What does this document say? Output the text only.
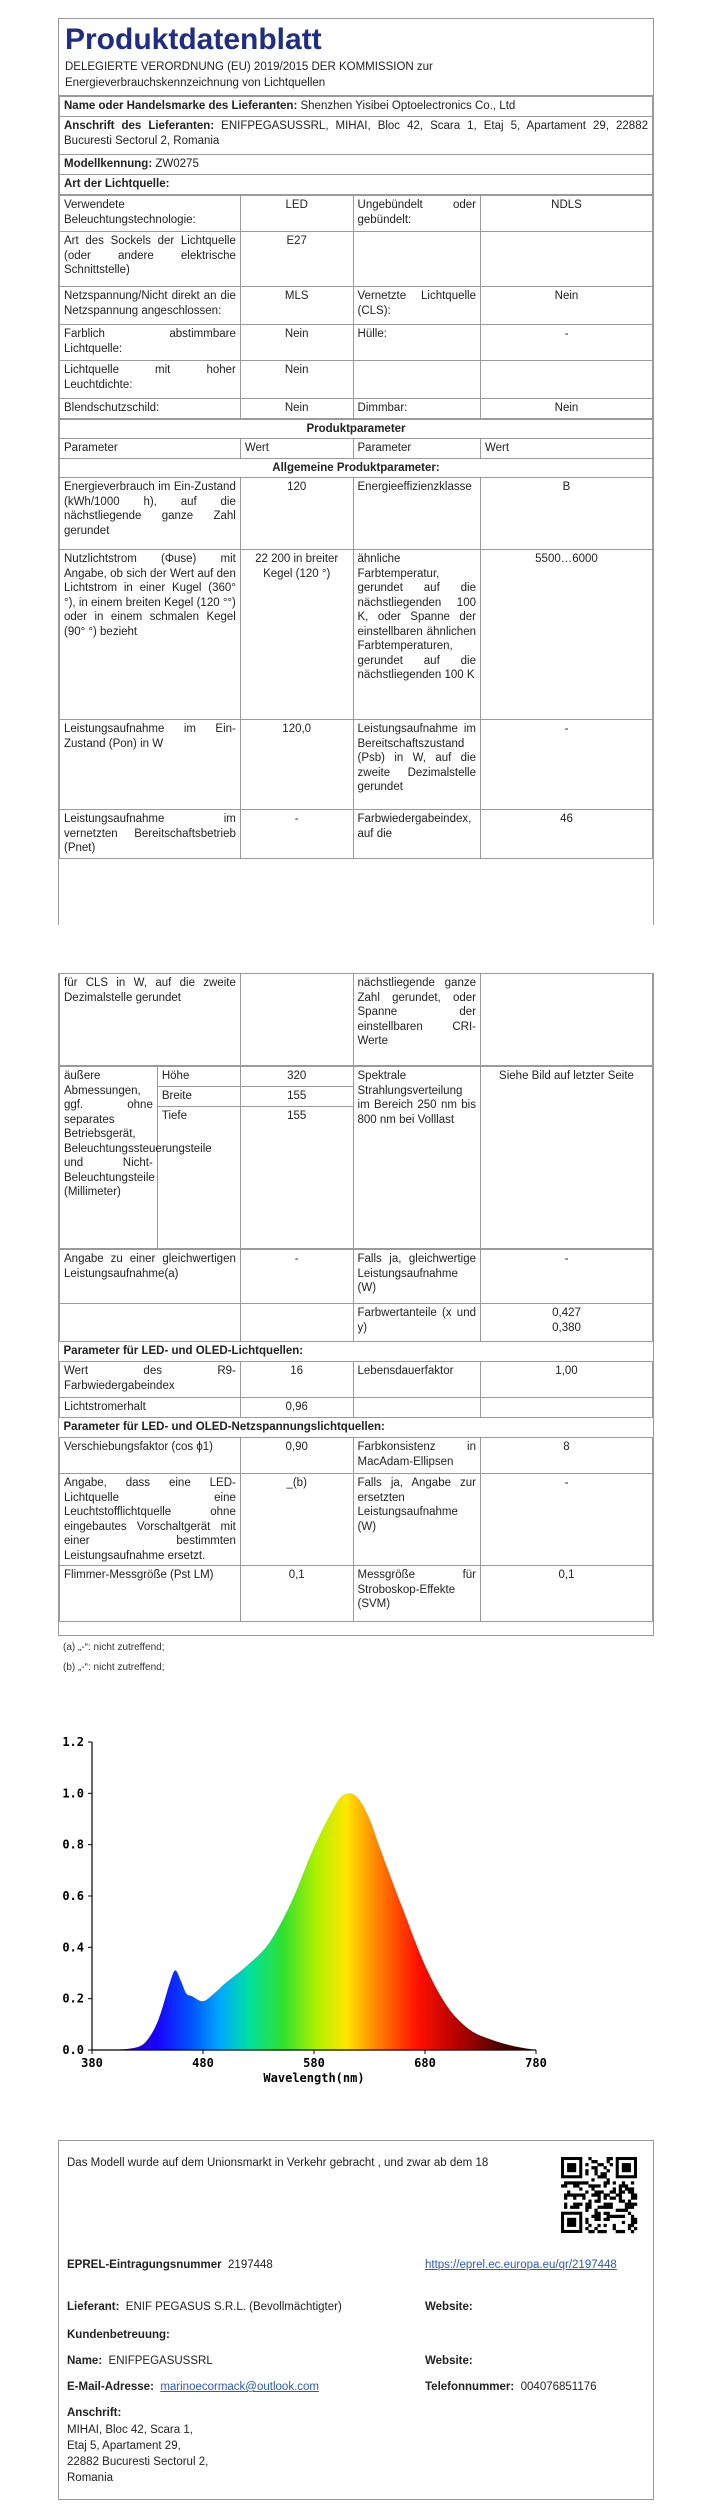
Produktdatenblatt
DELEGIERTE VERORDNUNG (EU) 2019/2015 DER KOMMISSION zur
Energieverbrauchskennzeichnung von Lichtquellen
Name oder Handelsmarke des Lieferanten: Shenzhen Yisibei Optoelectronics Co., Ltd
Anschrift des Lieferanten: ENIFPEGASUSSRL, MIHAI, Bloc 42, Scara 1, Etaj 5, Apartament 29, 22882 Bucuresti Sectorul 2, Romania
Modellkennung: ZW0275
Art der Lichtquelle:
Verwendete Beleuchtungstechnologie:	LED	Ungebündelt oder gebündelt:	NDLS
Art des Sockels der Lichtquelle (oder andere elektrische Schnittstelle)	E27		
Netzspannung/Nicht direkt an die Netzspannung angeschlossen:	MLS	Vernetzte Lichtquelle (CLS):	Nein
Farblich abstimmbare Lichtquelle:	Nein	Hülle:	-
Lichtquelle mit hoher Leuchtdichte:	Nein		
Blendschutzschild:	Nein	Dimmbar:	Nein
Produktparameter			
Parameter	Wert	Parameter	Wert
Allgemeine Produktparameter:			
Energieverbrauch im Ein-Zustand (kWh/1000 h), auf die nächstliegende ganze Zahl gerundet	120	Energieeffizienzklasse	B
Nutzlichtstrom (Φuse) mit Angabe, ob sich der Wert auf den Lichtstrom in einer Kugel (360° °), in einem breiten Kegel (120 °°) oder in einem schmalen Kegel (90° °) bezieht	22 200 in breiter Kegel (120 °)	ähnliche Farbtemperatur, gerundet auf die nächstliegenden 100 K, oder Spanne der einstellbaren ähnlichen Farbtemperaturen, gerundet auf die nächstliegenden 100 K	5500…6000
Leistungsaufnahme im Ein-Zustand (Pon) in W	120,0	Leistungsaufnahme im Bereitschaftszustand (Psb) in W, auf die zweite Dezimalstelle gerundet	-
Leistungsaufnahme im vernetzten Bereitschaftsbetrieb (Pnet)	-	Farbwiedergabeindex, auf die	46
für CLS in W, auf die zweite Dezimalstelle gerundet		nächstliegende ganze Zahl gerundet, oder Spanne der einstellbaren CRI-Werte	
äußere Abmessungen, ggf. ohne separates Betriebsgerät, Beleuchtungssteuerungsteile und Nicht-Beleuchtungsteile (Millimeter)	Höhe	320	Spektrale Strahlungsverteilung im Bereich 250 nm bis 800 nm bei Volllast	Siehe Bild auf letzter Seite
	Breite	155		
	Tiefe	155		
Angabe zu einer gleichwertigen Leistungsaufnahme(a)	-	Falls ja, gleichwertige Leistungsaufnahme (W)	-
		Farbwertanteile (x und y)	0,427
0,380
Parameter für LED- und OLED-Lichtquellen:			
Wert des R9-Farbwiedergabeindex	16	Lebensdauerfaktor	1,00
Lichtstromerhalt	0,96		
Parameter für LED- und OLED-Netzspannungslichtquellen:			
Verschiebungsfaktor (cos ϕ1)	0,90	Farbkonsistenz in MacAdam-Ellipsen	8
Angabe, dass eine LED-Lichtquelle eine Leuchtstofflichtquelle ohne eingebautes Vorschaltgerät mit einer bestimmten Leistungsaufnahme ersetzt.	_(b)	Falls ja, Angabe zur ersetzten Leistungsaufnahme (W)	-
Flimmer-Messgröße (Pst LM)	0,1	Messgröße für Stroboskop-Effekte (SVM)	0,1
(a) „-“: nicht zutreffend;
(b) „-“: nicht zutreffend;
0.0
0.2
0.4
0.6
0.8
1.0
1.2
380	480	580	680	780
Wavelength(nm)
Das Modell wurde auf dem Unionsmarkt in Verkehr gebracht , und zwar ab dem 18
EPREL-Eintragungsnummer 2197448	https://eprel.ec.europa.eu/qr/2197448
Lieferant: ENIF PEGASUS S.R.L. (Bevollmächtigter)	Website:
Kundenbetreuung:
Name: ENIFPEGASUSSRL	Website:
E-Mail-Adresse: marinoecormack@outlook.com	Telefonnummer: 004076851176
Anschrift:
MIHAI, Bloc 42, Scara 1,
Etaj 5, Apartament 29,
22882 Bucuresti Sectorul 2,
Romania
